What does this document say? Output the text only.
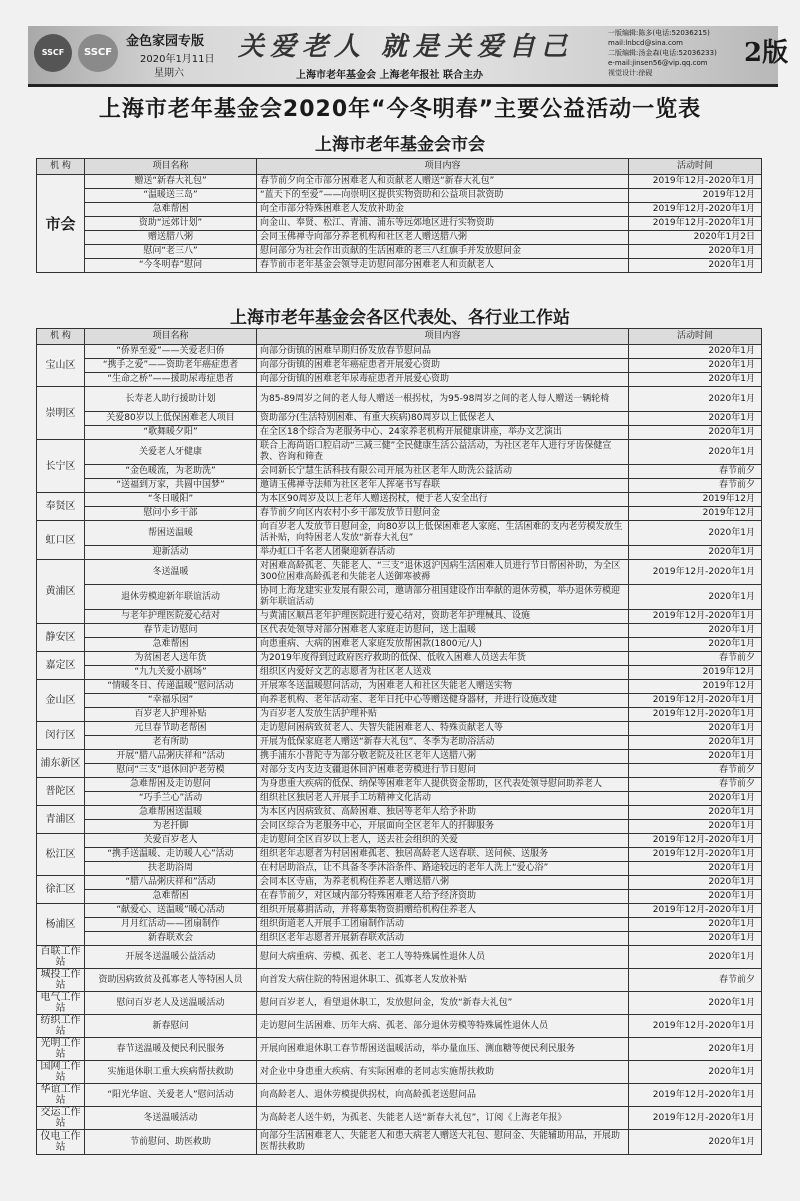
SSCF	SSCF
金色家园专版
2020年1月11日
星期六
关爱老人 就是关爱自己
上海市老年基金会 上海老年报社 联合主办
一版编辑:陈多(电话:52036215)
mail:lnbcd@sina.com
二版编辑:汤金森(电话:52036233)
e-mail:jinsen56@vip.qq.com
视觉设计:徐砚
2版
上海市老年基金会2020年“今冬明春”主要公益活动一览表
上海市老年基金会市会
机 构	项目名称	项目内容	活动时间
市会	赠送“新春大礼包”	春节前夕向全市部分困难老人和贡献老人赠送“新春大礼包”	2019年12月-2020年1月
	“温暖送三岛”	“蓝天下的至爱”——向崇明区提供实物资助和公益项目款资助	2019年12月
	急难帮困	向全市部分特殊困难老人发放补助金	2019年12月-2020年1月
	资助“远郊计划”	向金山、奉贤、松江、青浦、浦东等远郊地区进行实物资助	2019年12月-2020年1月
	赠送腊八粥	会同玉佛禅寺向部分养老机构和社区老人赠送腊八粥	2020年1月2日
	慰问“老三八”	慰问部分为社会作出贡献的生活困难的老三八红旗手并发放慰问金	2020年1月
	“今冬明春”慰问	春节前市老年基金会领导走访慰问部分困难老人和贡献老人	2020年1月
上海市老年基金会各区代表处、各行业工作站
机 构	项目名称	项目内容	活动时间
宝山区	“侨界至爱”——关爱老归侨	向部分街镇的困难早期归侨发放春节慰问品	2020年1月
	“携手之爱”——资助老年癌症患者	向部分街镇的困难老年癌症患者开展爱心资助	2020年1月
	“生命之桥”——援助尿毒症患者	向部分街镇的困难老年尿毒症患者开展爱心资助	2020年1月
崇明区	长寿老人助行援助计划	为85-89周岁之间的老人每人赠送一根拐杖，为95-98周岁之间的老人每人赠送一辆轮椅	2020年1月
	关爱80岁以上低保困难老人项目	资助部分(生活特别困难、有重大疾病)80周岁以上低保老人	2020年1月
	“歌舞暖夕阳”	在全区18个综合为老服务中心、24家养老机构开展健康讲座，举办文艺演出	2020年1月
长宁区	关爱老人牙健康	联合上海尚语口腔启动“三减三健”全民健康生活公益活动，为社区老年人进行牙齿保健宣教、咨询和筛查	2020年1月
	“金色暖流，为老助洗”	会同新长宁慧生活科技有限公司开展为社区老年人助洗公益活动	春节前夕
	“送福到万家，共圆中国梦”	邀请玉佛禅寺法师为社区老年人挥毫书写春联	春节前夕
奉贤区	“冬日暖阳”	为本区90周岁及以上老年人赠送拐杖，便于老人安全出行	2019年12月
	慰问小乡干部	春节前夕向区内农村小乡干部发放节日慰问金	2019年12月
虹口区	帮困送温暖	向百岁老人发放节日慰问金，向80岁以上低保困难老人家庭、生活困难的支内老劳模发放生活补贴，向特困老人发放“新春大礼包”	2020年1月
	迎新活动	举办虹口千名老人团聚迎新春活动	2020年1月
黄浦区	冬送温暖	对困难高龄孤老、失能老人、“三支”退休返沪因病生活困难人员进行节日帮困补助，为全区300位困难高龄孤老和失能老人送御寒被褥	2019年12月-2020年1月
	退休劳模迎新年联谊活动	协同上海龙建实业发展有限公司，邀请部分祖国建设作出奉献的退休劳模，举办退休劳模迎新年联谊活动	2020年1月
	与老年护理医院爱心结对	与黄浦区顺昌老年护理医院进行爱心结对，资助老年护理械具、设施	2019年12月-2020年1月
静安区	春节走访慰问	区代表处领导对部分困难老人家庭走访慰问，送上温暖	2020年1月
	急难帮困	向患重病、大病的困难老人家庭发放帮困款(1800元/人)	2020年1月
嘉定区	为贫困老人送年货	为2019年度得到过政府医疗救助的低保、低收入困难人员送去年货	春节前夕
	“九九关爱小剧场”	组织区内爱好文艺的志愿者为社区老人送戏	2019年12月
金山区	“情暖冬日、传递温暖”慰问活动	开展寒冬送温暖慰问活动，为困难老人和社区失能老人赠送实物	2019年12月
	“幸福乐园”	向养老机构、老年活动室、老年日托中心等赠送健身器材，并进行设施改建	2019年12月-2020年1月
	百岁老人护理补贴	为百岁老人发放生活护理补贴	2019年12月-2020年1月
闵行区	元旦春节助老帮困	走访慰问困病致贫老人、失智失能困难老人、特殊贡献老人等	2020年1月
	老有所助	开展为低保家庭老人赠送“新春大礼包”、冬季为老助浴活动	2020年1月
浦东新区	开展“腊八品粥庆祥和”活动	携手浦东小普陀寺为部分敬老院及社区老年人送腊八粥	2020年1月
	慰问“三支”退休回沪老劳模	对部分支内支边支疆退休回沪困难老劳模进行节日慰问	春节前夕
普陀区	急难帮困及走访慰问	为身患重大疾病的低保、纳保等困难老年人提供资金帮助，区代表处领导慰问助养老人	春节前夕
	“巧手兰心”活动	组织社区独居老人开展手工坊精神文化活动	2020年1月
青浦区	急难帮困送温暖	为本区内因病致贫、高龄困难、独居等老年人给予补助	2020年1月
	为老扦脚	会同区综合为老服务中心，开展面向全区老年人的扦脚服务	2020年1月
松江区	关爱百岁老人	走访慰问全区百岁以上老人，送去社会组织的关爱	2019年12月-2020年1月
	“携手送温暖、走访暖人心”活动	组织老年志愿者为村居困难孤老、独居高龄老人送春联、送问候、送服务	2019年12月-2020年1月
	扶老助浴周	在村居助浴点，让不具备冬季沐浴条件、路途较远的老年人洗上“爱心浴”	2020年1月
徐汇区	“腊八品粥庆祥和”活动	会同本区寺庙，为养老机构住养老人赠送腊八粥	2020年1月
	急难帮困	在春节前夕，对区域内部分特殊困难老人给予经济资助	2020年1月
杨浦区	“献爱心、送温暖”暖心活动	组织开展募捐活动，并将募集物资捐赠给机构住养老人	2019年12月-2020年1月
	月月红活动——团扇制作	组织街道老人开展手工团扇制作活动	2020年1月
	新春联欢会	组织区老年志愿者开展新春联欢活动	2020年1月
百联工作站	开展冬送温暖公益活动	慰问大病重病、劳模、孤老、老工人等特殊属性退休人员	2020年1月
城投工作站	资助因病致贫及孤寡老人等特困人员	向首发大病住院的特困退休职工、孤寡老人发放补贴	春节前夕
电气工作站	慰问百岁老人及送温暖活动	慰问百岁老人，看望退休职工，发放慰问金，发放“新春大礼包”	2020年1月
纺织工作站	新春慰问	走访慰问生活困难、历年大病、孤老、部分退休劳模等特殊属性退休人员	2019年12月-2020年1月
光明工作站	春节送温暖及便民利民服务	开展向困难退休职工春节帮困送温暖活动，举办量血压、测血糖等便民利民服务	2020年1月
国网工作站	实施退休职工重大疾病帮扶救助	对企业中身患重大疾病、有实际困难的老同志实施帮扶救助	2020年1月
华谊工作站	“阳光华谊、关爱老人”慰问活动	向高龄老人、退休劳模提供拐杖，向高龄孤老送慰问品	2019年12月-2020年1月
交运工作站	冬送温暖活动	为高龄老人送牛奶，为孤老、失能老人送“新春大礼包”，订阅《上海老年报》	2019年12月-2020年1月
仪电工作站	节前慰问、助医救助	向部分生活困难老人、失能老人和患大病老人赠送大礼包、慰问金、失能辅助用品，开展助医帮扶救助	2020年1月
